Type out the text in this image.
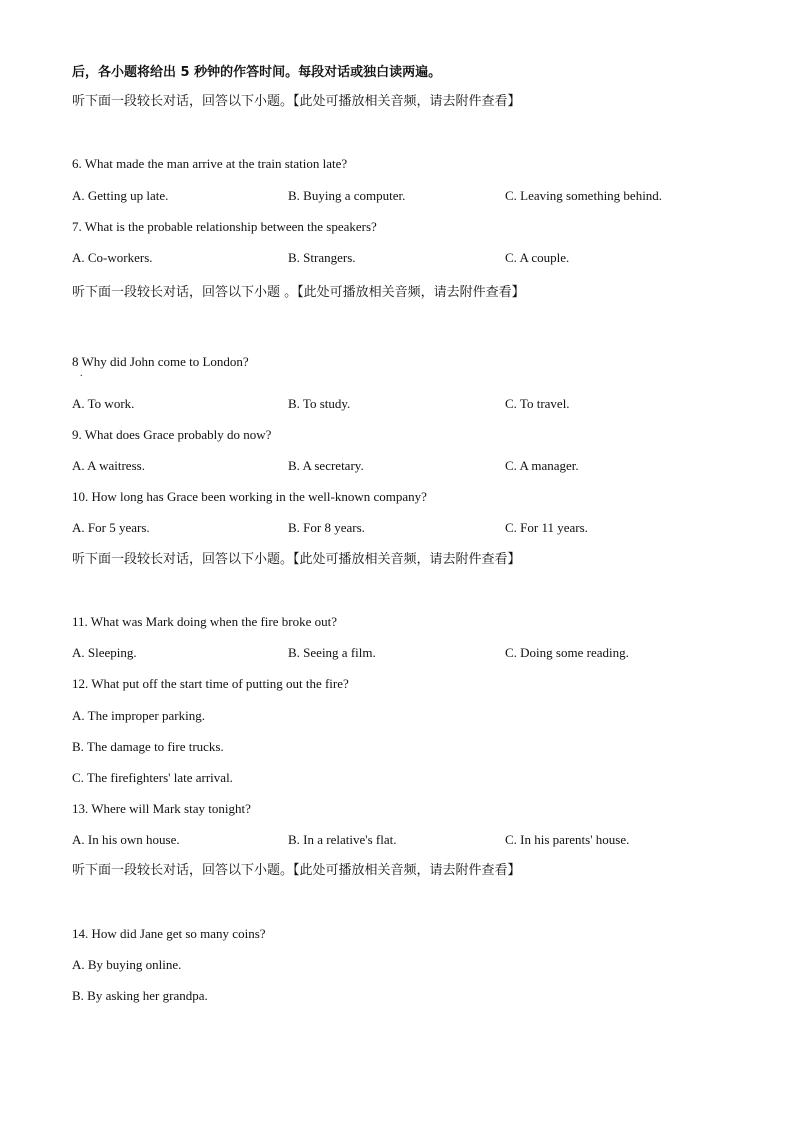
后，各小题将给出 5 秒钟的作答时间。每段对话或独白读两遍。
听下面一段较长对话，回答以下小题。【此处可播放相关音频，请去附件查看】
6. What made the man arrive at the train station late?
A. Getting up late.	B. Buying a computer.	C. Leaving something behind.
7. What is the probable relationship between the speakers?
A. Co-workers.	B. Strangers.	C. A couple.
听下面一段较长对话，回答以下小题 。【此处可播放相关音频，请去附件查看】
8 Why did John come to London?
.
A. To work.	B. To study.	C. To travel.
9. What does Grace probably do now?
A. A waitress.	B. A secretary.	C. A manager.
10. How long has Grace been working in the well-known company?
A. For 5 years.	B. For 8 years.	C. For 11 years.
听下面一段较长对话，回答以下小题。【此处可播放相关音频，请去附件查看】
11. What was Mark doing when the fire broke out?
A. Sleeping.	B. Seeing a film.	C. Doing some reading.
12. What put off the start time of putting out the fire?
A. The improper parking.
B. The damage to fire trucks.
C. The firefighters' late arrival.
13. Where will Mark stay tonight?
A. In his own house.	B. In a relative's flat.	C. In his parents' house.
听下面一段较长对话，回答以下小题。【此处可播放相关音频，请去附件查看】
14. How did Jane get so many coins?
A. By buying online.
B. By asking her grandpa.
